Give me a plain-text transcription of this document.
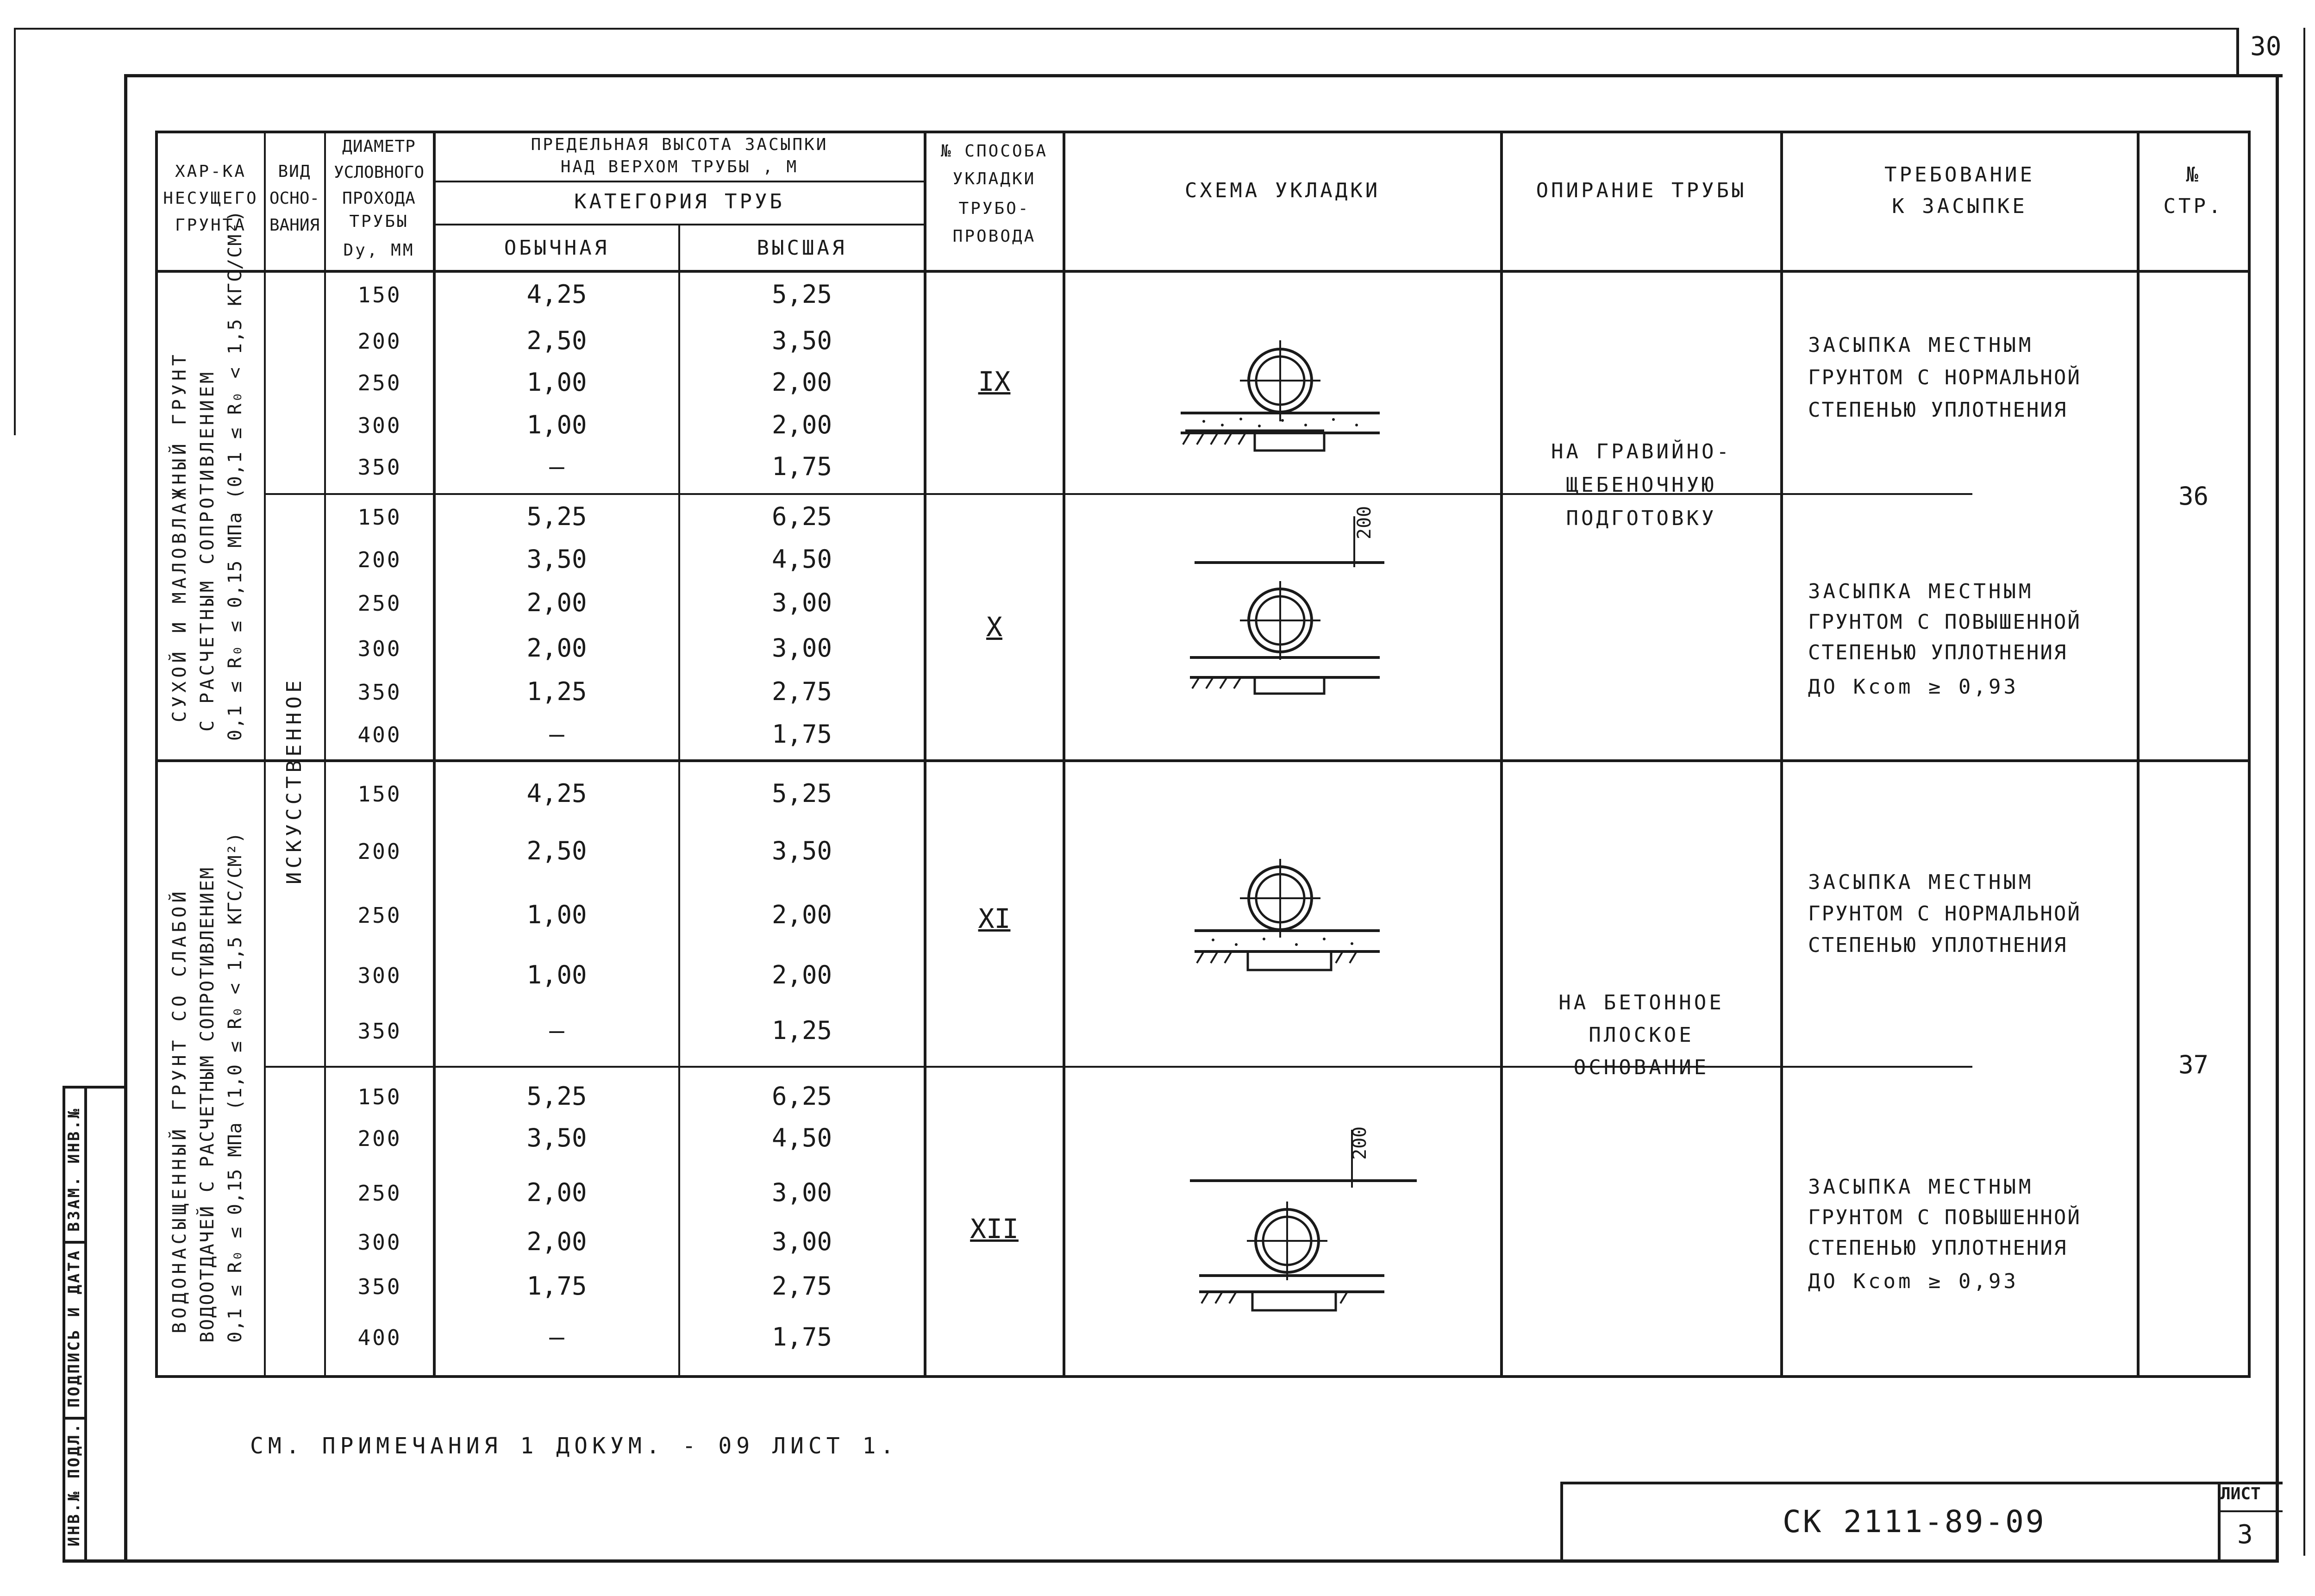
30
ИНВ.№ ПОДЛ.
ПОДПИСЬ И ДАТА
ВЗАМ. ИНВ.№
ХАР-КА
НЕСУЩЕГО
ГРУНТА
ВИД
ОСНО-
ВАНИЯ
ДИАМЕТР
УСЛОВНОГО
ПРОХОДА
ТРУБЫ
Dу, ММ
ПРЕДЕЛЬНАЯ ВЫСОТА ЗАСЫПКИ
НАД ВЕРХОМ ТРУБЫ , М
КАТЕГОРИЯ ТРУБ
ОБЫЧНАЯ	ВЫСШАЯ
№ СПОСОБА
УКЛАДКИ
ТРУБО-
ПРОВОДА
СХЕМА УКЛАДКИ	ОПИРАНИЕ ТРУБЫ
ТРЕБОВАНИЕ
К ЗАСЫПКЕ
№
СТР.
СУХОЙ И МАЛОВЛАЖНЫЙ ГРУНТ С РАСЧЕТНЫМ СОПРОТИВЛЕНИЕМ 0,1 ≤ R₀ ≤ 0,15 МПа (0,1 ≤ R₀ < 1,5 КГС/СМ²)
ВОДОНАСЫЩЕННЫЙ ГРУНТ СО СЛАБОЙ ВОДООТДАЧЕЙ С РАСЧЕТНЫМ СОПРОТИВЛЕНИЕМ 0,1 ≤ R₀ ≤ 0,15 МПа (1,0 ≤ R₀ < 1,5 КГС/СМ²)
ИСКУССТВЕННОЕ
150	4,25	5,25
200	2,50	3,50
250	1,00	2,00
300	1,00	2,00
350	–	1,75
IX
150	5,25	6,25
200	3,50	4,50
250	2,00	3,00
300	2,00	3,00
350	1,25	2,75
400	–	1,75
X
150	4,25	5,25
200	2,50	3,50
250	1,00	2,00
300	1,00	2,00
350	–	1,25
XI
150	5,25	6,25
200	3,50	4,50
250	2,00	3,00
300	2,00	3,00
350	1,75	2,75
400	–	1,75
XII
200
200
НА ГРАВИЙНО-
ЩЕБЕНОЧНУЮ
ПОДГОТОВКУ
НА БЕТОННОЕ
ПЛОСКОЕ
ОСНОВАНИЕ
ЗАСЫПКА МЕСТНЫМ
ГРУНТОМ С НОРМАЛЬНОЙ
СТЕПЕНЬЮ УПЛОТНЕНИЯ
ЗАСЫПКА МЕСТНЫМ
ГРУНТОМ С ПОВЫШЕННОЙ
СТЕПЕНЬЮ УПЛОТНЕНИЯ
ДО Kcom ≥ 0,93
ЗАСЫПКА МЕСТНЫМ
ГРУНТОМ С НОРМАЛЬНОЙ
СТЕПЕНЬЮ УПЛОТНЕНИЯ
ЗАСЫПКА МЕСТНЫМ
ГРУНТОМ С ПОВЫШЕННОЙ
СТЕПЕНЬЮ УПЛОТНЕНИЯ
ДО Kcom ≥ 0,93
36
37
СМ. ПРИМЕЧАНИЯ 1 ДОКУМ. - 09 ЛИСТ 1.
СК 2111-89-09
ЛИСТ
3
